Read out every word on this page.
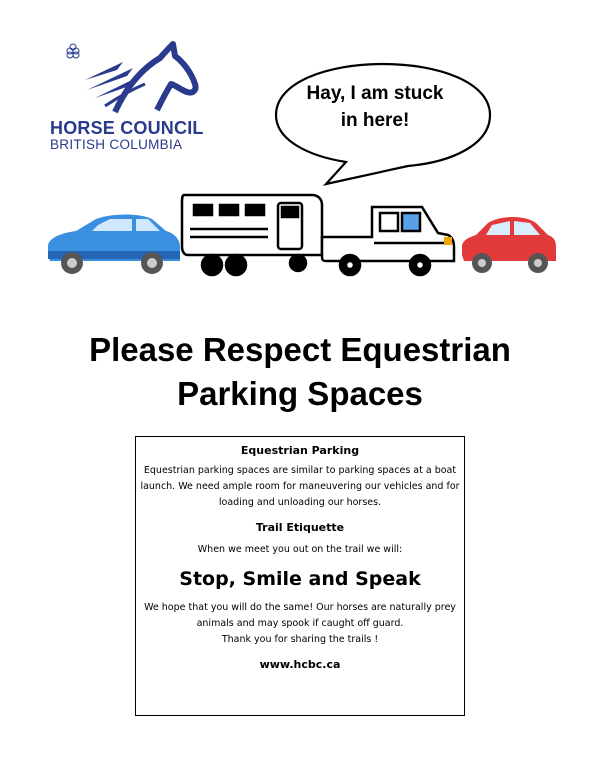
HORSE COUNCIL
BRITISH COLUMBIA
Hay, I am stuck
in here!
Please Respect Equestrian
Parking Spaces

Equestrian Parking

Equestrian parking spaces are similar to parking spaces at a boat

launch. We need ample room for maneuvering our vehicles and for

loading and unloading our horses.

Trail Etiquette

When we meet you out on the trail we will:

Stop, Smile and Speak

We hope that you will do the same! Our horses are naturally prey

animals and may spook if caught off guard.

Thank you for sharing the trails !

www.hcbc.ca
